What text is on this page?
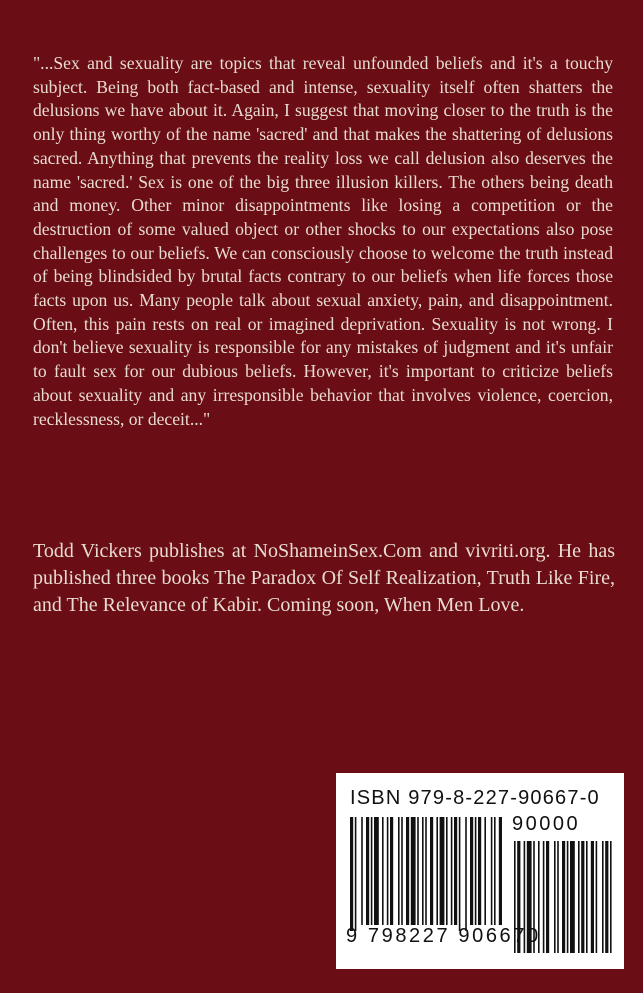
"...Sex and sexuality are topics that reveal unfounded beliefs and it's a touchy subject. Being both fact-based and intense, sexuality itself often shatters the delusions we have about it. Again, I suggest that moving closer to the truth is the only thing worthy of the name 'sacred' and that makes the shattering of delusions sacred. Anything that prevents the reality loss we call delusion also deserves the name 'sacred.' Sex is one of the big three illusion killers. The others being death and money. Other minor disappointments like losing a competition or the destruction of some valued object or other shocks to our expectations also pose challenges to our beliefs. We can consciously choose to welcome the truth instead of being blindsided by brutal facts contrary to our beliefs when life forces those facts upon us. Many people talk about sexual anxiety, pain, and disappointment. Often, this pain rests on real or imagined deprivation. Sexuality is not wrong. I don't believe sexuality is responsible for any mistakes of judgment and it's unfair to fault sex for our dubious beliefs. However, it's important to criticize beliefs about sexuality and any irresponsible behavior that involves violence, coercion, recklessness, or deceit..."

Todd Vickers publishes at NoShameinSex.Com and vivriti.org. He has published three books The Paradox Of Self Realization, Truth Like Fire, and The Relevance of Kabir. Coming soon, When Men Love.

ISBN 979-8-227-90667-0
90000
9 798227 906670
